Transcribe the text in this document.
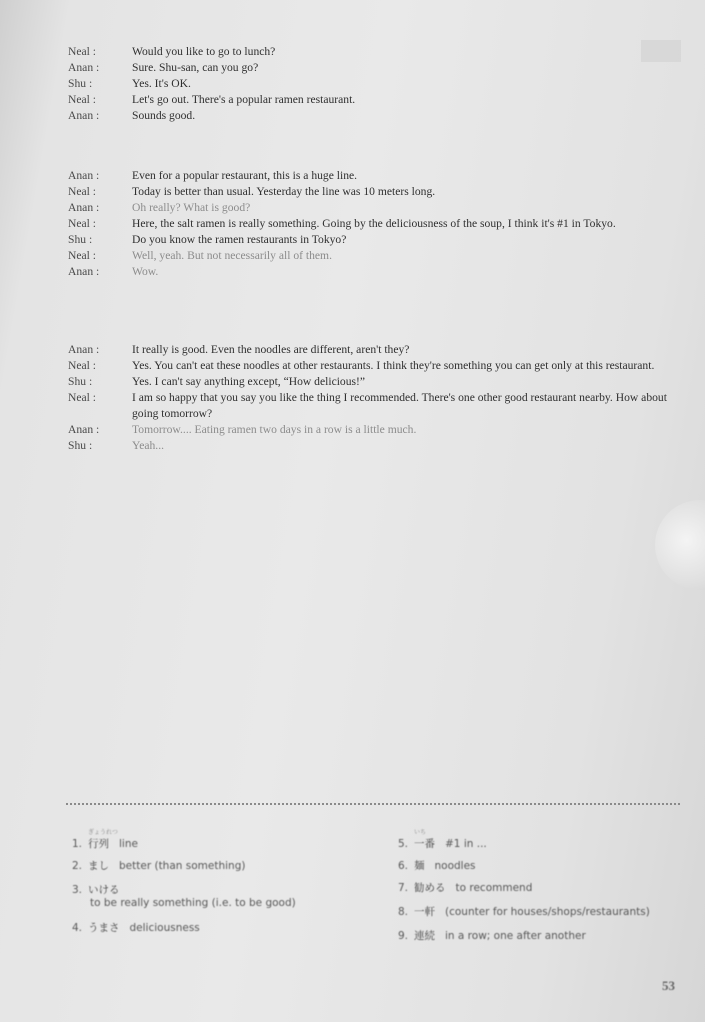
Neal :	Would you like to go to lunch?
Anan :	Sure. Shu-san, can you go?
Shu :	Yes. It's OK.
Neal :	Let's go out. There's a popular ramen restaurant.
Anan :	Sounds good.
Anan :	Even for a popular restaurant, this is a huge line.
Neal :	Today is better than usual. Yesterday the line was 10 meters long.
Anan :	Oh really? What is good?
Neal :	Here, the salt ramen is really something. Going by the deliciousness of the soup, I think it's #1 in Tokyo.
Shu :	Do you know the ramen restaurants in Tokyo?
Neal :	Well, yeah. But not necessarily all of them.
Anan :	Wow.
Anan :	It really is good. Even the noodles are different, aren't they?
Neal :	Yes. You can't eat these noodles at other restaurants. I think they're something you can get only at this restaurant.
Shu :	Yes. I can't say anything except, “How delicious!”
Neal :	I am so happy that you say you like the thing I recommended. There's one other good restaurant nearby. How about going tomorrow?
Anan :	Tomorrow.... Eating ramen two days in a row is a little much.
Shu :	Yeah...
1.
ぎょうれつ
行列 line
2. まし better (than something)
3. いける
to be really something (i.e. to be good)
4. うまさ deliciousness
5.
いち
一番 #1 in ...
6. 麺 noodles
7. 勧める to recommend
8. 一軒 (counter for houses/shops/restaurants)
9. 連続 in a row; one after another
53
